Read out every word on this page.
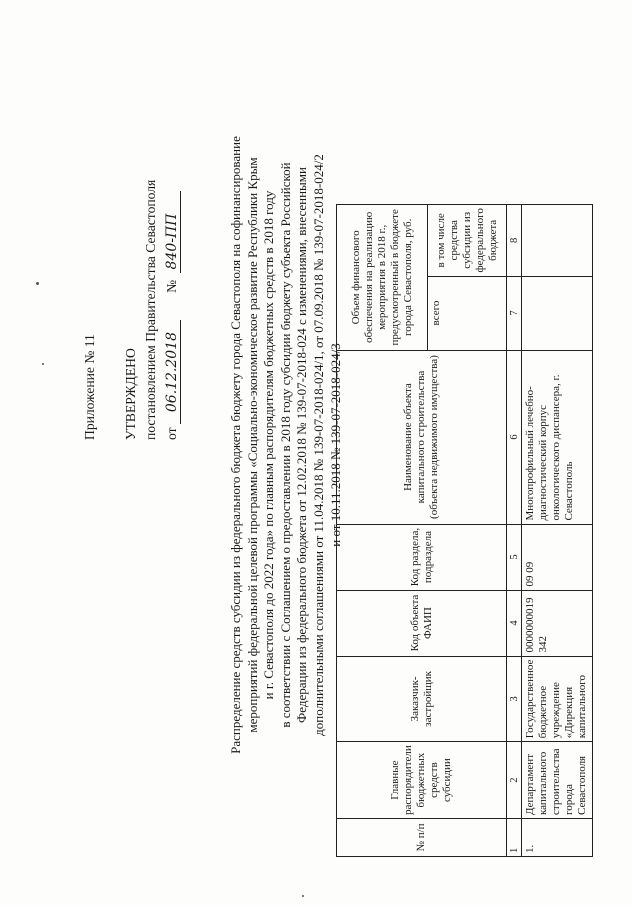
Приложение № 11 УТВЕРЖДЕНО постановлением Правительства Севастополя от 06.12.2018        № 840-ПП	Распределение средств субсидии из федерального бюджета бюджету города Севастополя на софинансирование мероприятий федеральной целевой программы «Социально-экономическое развитие Республики Крым и г. Севастополя до 2022 года» по главным распорядителям бюджетных средств в 2018 году в соответствии с Соглашением о предоставлении в 2018 году субсидии бюджету субъекта Российской Федерации из федерального бюджета от 12.02.2018 № 139-07-2018-024 с изменениями, внесенными дополнительными соглашениями от 11.04.2018 № 139-07-2018-024/1, от 07.09.2018 № 139-07-2018-024/2 и от 10.11.2018 № 139-07-2018-024/3
№ п/п	Главные распорядители бюджетных средств субсидии	Заказчик-застройщик	Код объекта ФАИП	Код раздела, подраздела	Наименование объекта капитального строительства (объекта недвижимого имущества)	Объем финансового обеспечения на реализацию мероприятия в 2018 г., предусмотренный в бюджете города Севастополя, руб.	
						всего	в том числе средства субсидии из федерального бюджета
1	2	3	4	5	6	7	8
1.	Департамент капитального строительства города Севастополя	Государственное бюджетное учреждение «Дирекция капитального	0000000019342	09 09	Многопрофильный лечебно-диагностический корпус онкологического диспансера, г. Севастополь		
